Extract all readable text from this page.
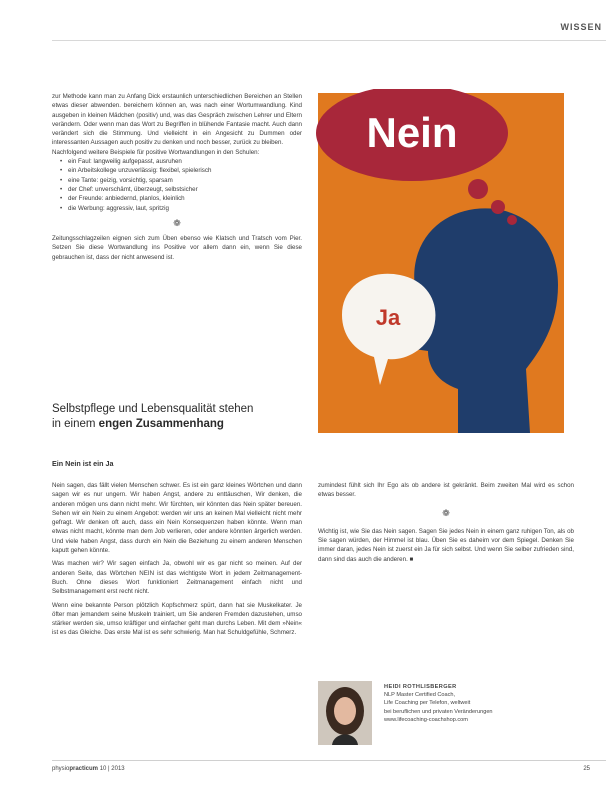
WISSEN

zur Methode kann man zu Anfang Dick erstaunlich unterschiedlichen Bereichen an Stellen etwas dieser abwenden. bereichern können an, was nach einer Wortumwandlung. Kind ausgeben in kleinen Mädchen (positiv) und, was das Gespräch zwischen Lehrer und Eltern verändern. Oder wenn man das Wort zu Begriffen in blühende Fantasie macht. Auch dann verändert sich die Stimmung. Und vielleicht in ein Angesicht zu Dummen oder interessanten Aussagen auch positiv zu denken und noch besser, zurück zu bleiben.

Nachfolgend weitere Beispiele für positive Wortwandlungen in den Schulen:

• ein Faul: langweilig aufgepasst, ausruhen
• ein Arbeitskollege unzuverlässig: flexibel, spielerisch
• eine Tante: geizig, vorsichtig, sparsam
• der Chef: unverschämt, überzeugt, selbstsicher
• der Freunde: anbiedernd, planlos, kleinlich
• die Werbung: aggressiv, laut, spritzig
❁

Zeitungsschlagzeilen eignen sich zum Üben ebenso wie Klatsch und Tratsch vom Pier. Setzen Sie diese Wortwandlung ins Positive vor allem dann ein, wenn Sie diese gebrauchen ist, dass der nicht anwesend ist.

Nein
Ja
Selbstpflege und Lebensqualität stehen
in einem engen Zusammenhang
Ein Nein ist ein Ja

Nein sagen, das fällt vielen Menschen schwer. Es ist ein ganz kleines Wörtchen und dann sagen wir es nur ungern. Wir haben Angst, andere zu enttäuschen, Wir denken, die anderen mögen uns dann nicht mehr. Wir fürchten, wir könnten das Nein später bereuen. Sehen wir ein Nein zu einem Angebot: werden wir uns an keinen Mal vielleicht nicht mehr gefragt. Wir denken oft auch, dass ein Nein Konsequenzen haben könnte. Wenn man etwas nicht macht, könnte man dem Job verlieren, oder andere könnten ärgerlich werden. Und viele haben Angst, dass durch ein Nein die Beziehung zu einem anderen Menschen kaputt gehen könnte.

Was machen wir? Wir sagen einfach Ja, obwohl wir es gar nicht so meinen. Auf der anderen Seite, das Wörtchen NEIN ist das wichtigste Wort in jedem Zeitmanagement-Buch. Ohne dieses Wort funktioniert Zeitmanagement einfach nicht und Selbstmanagement erst recht nicht.

Wenn eine bekannte Person plötzlich Kopfschmerz spürt, dann hat sie Muskelkater. Je öfter man jemandem seine Muskeln trainiert, um Sie anderen Fremden dazustehen, umso stärker werden sie, umso kräftiger und einfacher geht man durchs Leben. Mit dem »Nein« ist es das Gleiche. Das erste Mal ist es sehr schwierig. Man hat Schuldgefühle, Schmerz.

zumindest fühlt sich Ihr Ego als ob andere ist gekränkt. Beim zweiten Mal wird es schon etwas besser.

❁

Wichtig ist, wie Sie das Nein sagen. Sagen Sie jedes Nein in einem ganz ruhigen Ton, als ob Sie sagen würden, der Himmel ist blau. Üben Sie es daheim vor dem Spiegel. Denken Sie immer daran, jedes Nein ist zuerst ein Ja für sich selbst. Und wenn Sie selber zufrieden sind, dann sind das auch die anderen. ■

HEIDI ROTHLISBERGER
NLP Master Certified Coach,
Life Coaching per Telefon, weltweit
bei beruflichen und privaten Veränderungen
www.lifecoaching-coachshop.com
physiopracticum 10 | 2013	25
